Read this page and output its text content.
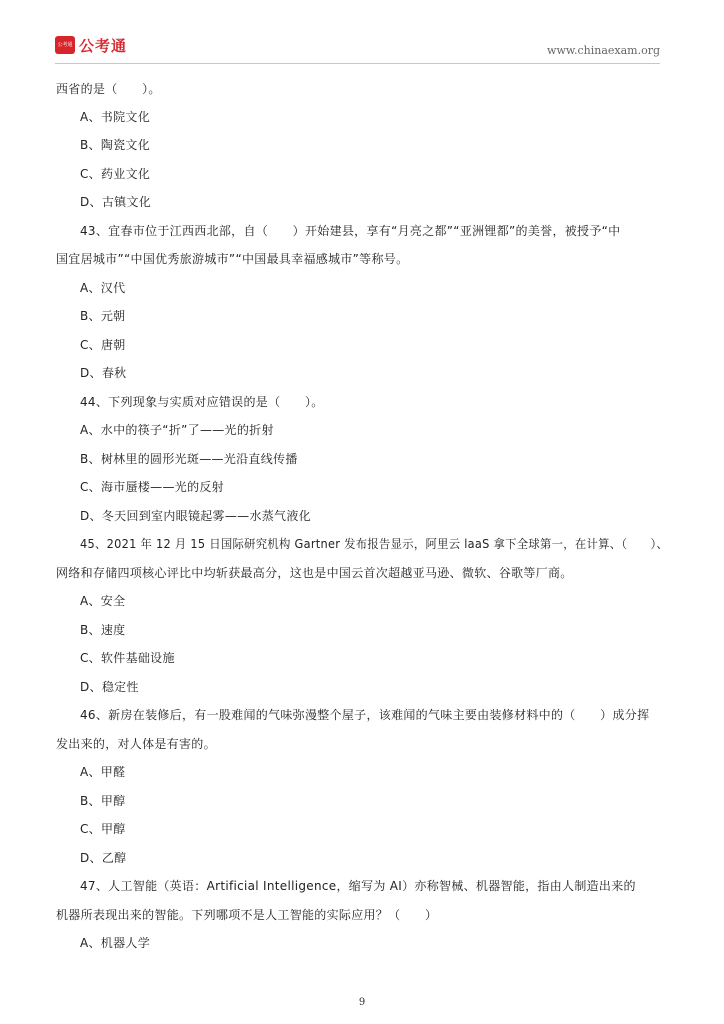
公考通 公考通	www.chinaexam.org
西省的是（　　）。
A、书院文化
B、陶瓷文化
C、药业文化
D、古镇文化
43、宜春市位于江西西北部，自（　　）开始建县，享有“月亮之都”“亚洲锂都”的美誉，被授予“中
国宜居城市”“中国优秀旅游城市”“中国最具幸福感城市”等称号。
A、汉代
B、元朝
C、唐朝
D、春秋
44、下列现象与实质对应错误的是（　　）。
A、水中的筷子“折”了——光的折射
B、树林里的圆形光斑——光沿直线传播
C、海市蜃楼——光的反射
D、冬天回到室内眼镜起雾——水蒸气液化
45、2021 年 12 月 15 日国际研究机构 Gartner 发布报告显示，阿里云 laaS 拿下全球第一，在计算、（　　）、
网络和存储四项核心评比中均斩获最高分，这也是中国云首次超越亚马逊、微软、谷歌等厂商。
A、安全
B、速度
C、软件基础设施
D、稳定性
46、新房在装修后，有一股难闻的气味弥漫整个屋子，该难闻的气味主要由装修材料中的（　　）成分挥
发出来的，对人体是有害的。
A、甲醛
B、甲醇
C、甲醇
D、乙醇
47、人工智能（英语：Artificial Intelligence，缩写为 AI）亦称智械、机器智能，指由人制造出来的
机器所表现出来的智能。下列哪项不是人工智能的实际应用？（　　）
A、机器人学
9
